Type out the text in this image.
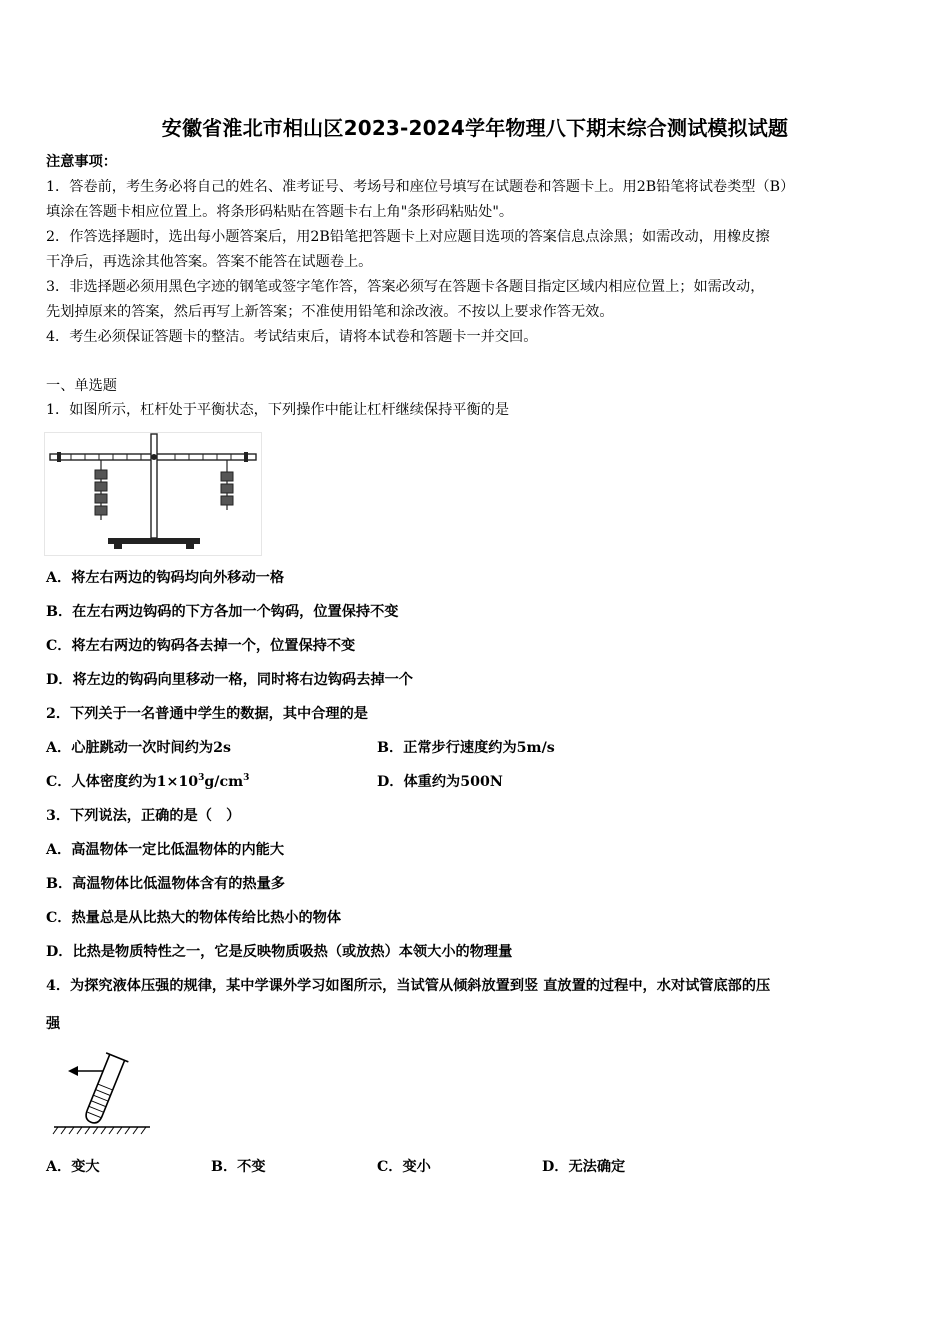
安徽省淮北市相山区2023-2024学年物理八下期末综合测试模拟试题
注意事项：
1．答卷前，考生务必将自己的姓名、准考证号、考场号和座位号填写在试题卷和答题卡上。用2B铅笔将试卷类型（B）
填涂在答题卡相应位置上。将条形码粘贴在答题卡右上角"条形码粘贴处"。
2．作答选择题时，选出每小题答案后，用2B铅笔把答题卡上对应题目选项的答案信息点涂黑；如需改动，用橡皮擦
干净后，再选涂其他答案。答案不能答在试题卷上。
3．非选择题必须用黑色字迹的钢笔或签字笔作答，答案必须写在答题卡各题目指定区域内相应位置上；如需改动，
先划掉原来的答案，然后再写上新答案；不准使用铅笔和涂改液。不按以上要求作答无效。
4．考生必须保证答题卡的整洁。考试结束后，请将本试卷和答题卡一并交回。
一、单选题
1．如图所示，杠杆处于平衡状态，下列操作中能让杠杆继续保持平衡的是
A．将左右两边的钩码均向外移动一格
B．在左右两边钩码的下方各加一个钩码，位置保持不变
C．将左右两边的钩码各去掉一个，位置保持不变
D．将左边的钩码向里移动一格，同时将右边钩码去掉一个
2．下列关于一名普通中学生的数据，其中合理的是
A．心脏跳动一次时间约为2s	B．正常步行速度约为5m/s
C．人体密度约为$1\times 10^3g/cm^3$	D．体重约为500N
3．下列说法，正确的是（　）
A．高温物体一定比低温物体的内能大
B．高温物体比低温物体含有的热量多
C．热量总是从比热大的物体传给比热小的物体
D．比热是物质特性之一，它是反映物质吸热（或放热）本领大小的物理量
4．为探究液体压强的规律，某中学课外学习如图所示，当试管从倾斜放置到竖 直放置的过程中，水对试管底部的压
强
A．变大	B．不变	C．变小	D．无法确定
